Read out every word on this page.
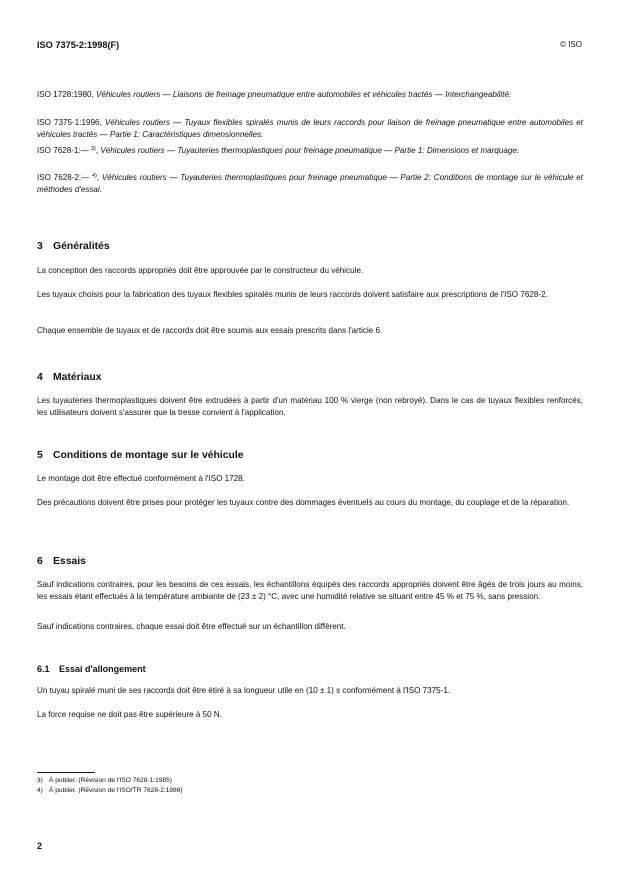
ISO 7375-2:1998(F)	© ISO
ISO 1728:1980, Véhicules routiers — Liaisons de freinage pneumatique entre automobiles et véhicules tractés — Interchangeabilité.
ISO 7375-1:1996, Véhicules routiers — Tuyaux flexibles spiralés munis de leurs raccords pour liaison de freinage pneumatique entre automobiles et véhicules tractés — Partie 1: Caractéristiques dimensionnelles.
ISO 7628-1:— $^{3)}$, Véhicules routiers — Tuyauteries thermoplastiques pour freinage pneumatique — Partie 1: Dimensions et marquage.
ISO 7628-2:— $^{4)}$, Véhicules routiers — Tuyauteries thermoplastiques pour freinage pneumatique — Partie 2: Conditions de montage sur le véhicule et méthodes d'essai.
3 Généralités
La conception des raccords appropriés doit être approuvée par le constructeur du véhicule.
Les tuyaux choisis pour la fabrication des tuyaux flexibles spiralés munis de leurs raccords doivent satisfaire aux prescriptions de l'ISO 7628-2.
Chaque ensemble de tuyaux et de raccords doit être soumis aux essais prescrits dans l'article 6.
4 Matériaux
Les tuyauteries thermoplastiques doivent être extrudées à partir d'un matériau 100 % vierge (non rebroyé). Dans le cas de tuyaux flexibles renforcés, les utilisateurs doivent s'assurer que la tresse convient à l'application.
5 Conditions de montage sur le véhicule
Le montage doit être effectué conformément à l'ISO 1728.
Des précautions doivent être prises pour protéger les tuyaux contre des dommages éventuels au cours du montage, du couplage et de la réparation.
6 Essais
Sauf indications contraires, pour les besoins de ces essais, les échantillons équipés des raccords appropriés doivent être âgés de trois jours au moins, les essais étant effectués à la température ambiante de (23 ± 2) °C, avec une humidité relative se situant entre 45 % et 75 %, sans pression.
Sauf indications contraires, chaque essai doit être effectué sur un échantillon différent.
6.1 Essai d'allongement
Un tuyau spiralé muni de ses raccords doit être étiré à sa longueur utile en (10 ± 1) s conformément à l'ISO 7375-1.
La force requise ne doit pas être supérieure à 50 N.
3) À publier. (Révision de l'ISO 7628-1:1985)
4) À publier. (Révision de l'ISO/TR 7628-2:1986)
2
